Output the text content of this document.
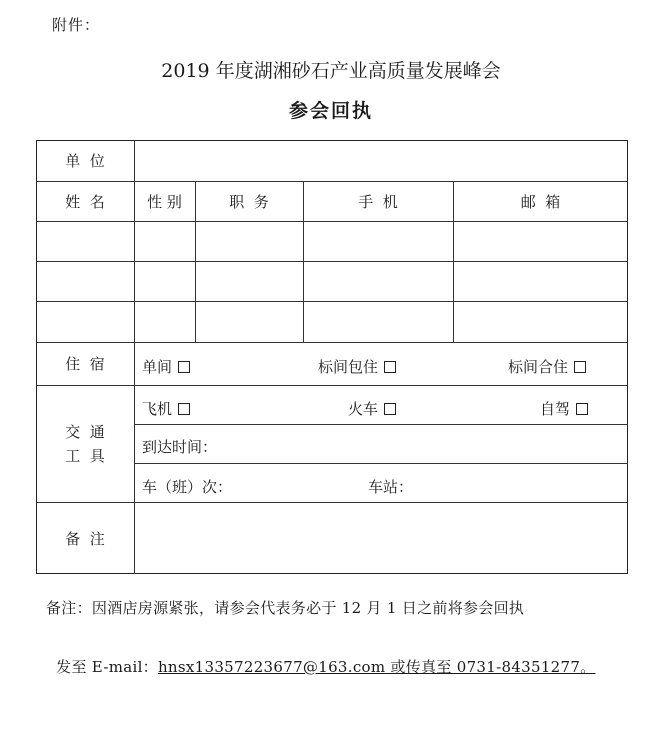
附件：
2019 年度湖湘砂石产业高质量发展峰会
参会回执
单  位
姓  名	性 别	职  务	手  机	邮  箱
住  宿	单间	标间包住	标间合住
交  通
工  具
飞机	火车	自驾
到达时间：
车（班）次：	车站：
备  注
备注：因酒店房源紧张，请参会代表务必于 12 月 1 日之前将参会回执

发至 E-mail：hnsx13357223677@163.com 或传真至 0731-84351277。
